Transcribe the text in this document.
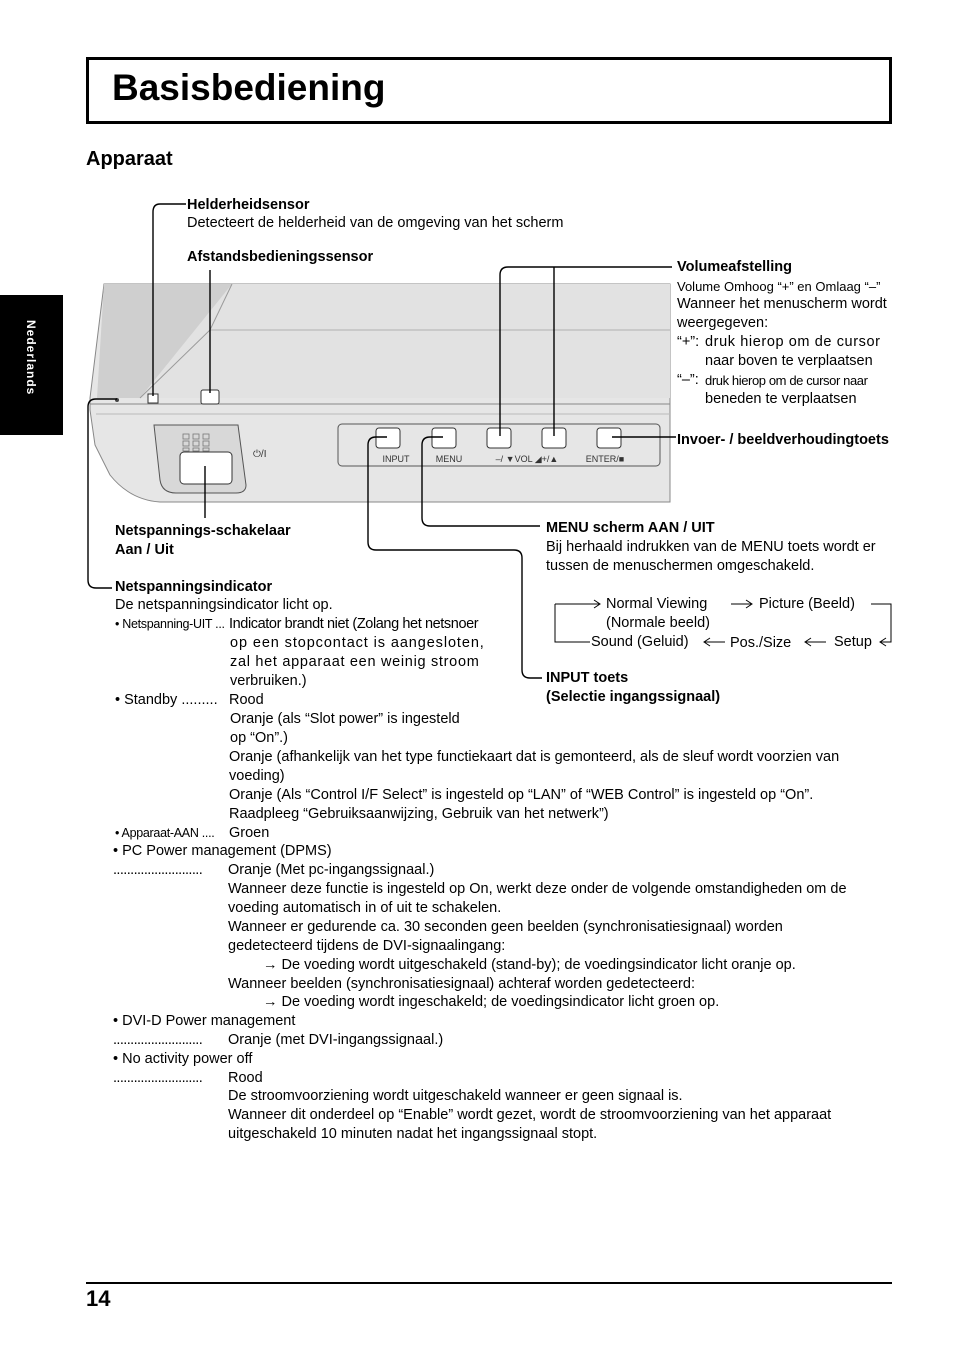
Basisbediening
Apparaat
Nederlands
⏻/I	INPUT	MENU	–/ ▼VOL ◢+/▲	ENTER/■
Helderheidsensor
Detecteert de helderheid van de omgeving van het scherm
Afstandsbedieningssensor
Volumeafstelling
Volume Omhoog “+” en Omlaag “–”
Wanneer het menuscherm wordt
weergegeven:
“+”: druk hierop om de cursor
naar boven te verplaatsen
“–”: druk hierop om de cursor naar
beneden te verplaatsen
Invoer- / beeldverhoudingtoets
Netspannings-schakelaar
Aan / Uit
MENU scherm AAN / UIT
Bij herhaald indrukken van de MENU toets wordt er
tussen de menuschermen omgeschakeld.
Normal Viewing
(Normale beeld)
Picture (Beeld)
Sound (Geluid)	Pos./Size	Setup
INPUT toets
(Selectie ingangssignaal)
Netspanningsindicator
De netspanningsindicator licht op.
• Netspanning-UIT ... Indicator brandt niet (Zolang het netsnoer
op een stopcontact is aangesloten,
zal het apparaat een weinig stroom
verbruiken.)
• Standby ......... Rood
Oranje (als “Slot power” is ingesteld
op “On”.)
Oranje (afhankelijk van het type functiekaart dat is gemonteerd, als de sleuf wordt voorzien van
voeding)
Oranje (Als “Control I/F Select” is ingesteld op “LAN” of “WEB Control” is ingesteld op “On”.
Raadpleeg “Gebruiksaanwijzing, Gebruik van het netwerk”)
• Apparaat-AAN .... Groen
• PC Power management (DPMS)
.......................... Oranje (Met pc-ingangssignaal.)
Wanneer deze functie is ingesteld op On, werkt deze onder de volgende omstandigheden om de
voeding automatisch in of uit te schakelen.
Wanneer er gedurende ca. 30 seconden geen beelden (synchronisatiesignaal) worden
gedetecteerd tijdens de DVI-signaalingang:
→ De voeding wordt uitgeschakeld (stand-by); de voedingsindicator licht oranje op.
Wanneer beelden (synchronisatiesignaal) achteraf worden gedetecteerd:
→ De voeding wordt ingeschakeld; de voedingsindicator licht groen op.
• DVI-D Power management
.......................... Oranje (met DVI-ingangssignaal.)
• No activity power off
.......................... Rood
De stroomvoorziening wordt uitgeschakeld wanneer er geen signaal is.
Wanneer dit onderdeel op “Enable” wordt gezet, wordt de stroomvoorziening van het apparaat
uitgeschakeld 10 minuten nadat het ingangssignaal stopt.
14
